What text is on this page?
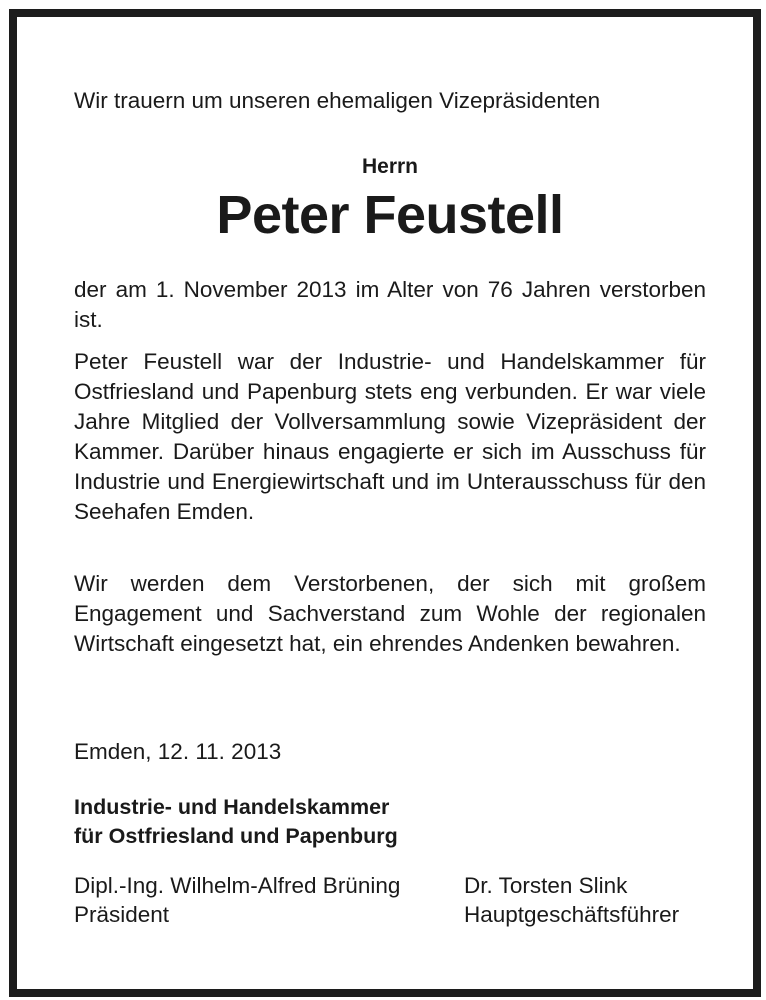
Wir trauern um unseren ehemaligen Vizepräsidenten
Herrn
Peter Feustell

der am 1. November 2013 im Alter von 76 Jahren verstorben ist.

Peter Feustell war der Industrie- und Handelskammer für Ostfriesland und Papenburg stets eng verbunden. Er war viele Jahre Mitglied der Vollversammlung sowie Vizepräsident der Kammer. Darüber hinaus engagierte er sich im Ausschuss für Industrie und Energiewirtschaft und im Unterausschuss für den Seehafen Emden.

Wir werden dem Verstorbenen, der sich mit großem Engagement und Sachverstand zum Wohle der regionalen Wirtschaft eingesetzt hat, ein ehrendes Andenken bewahren.

Emden, 12. 11. 2013
Industrie- und Handelskammer
für Ostfriesland und Papenburg
Dipl.-Ing. Wilhelm-Alfred Brüning
Präsident
Dr. Torsten Slink
Hauptgeschäftsführer
